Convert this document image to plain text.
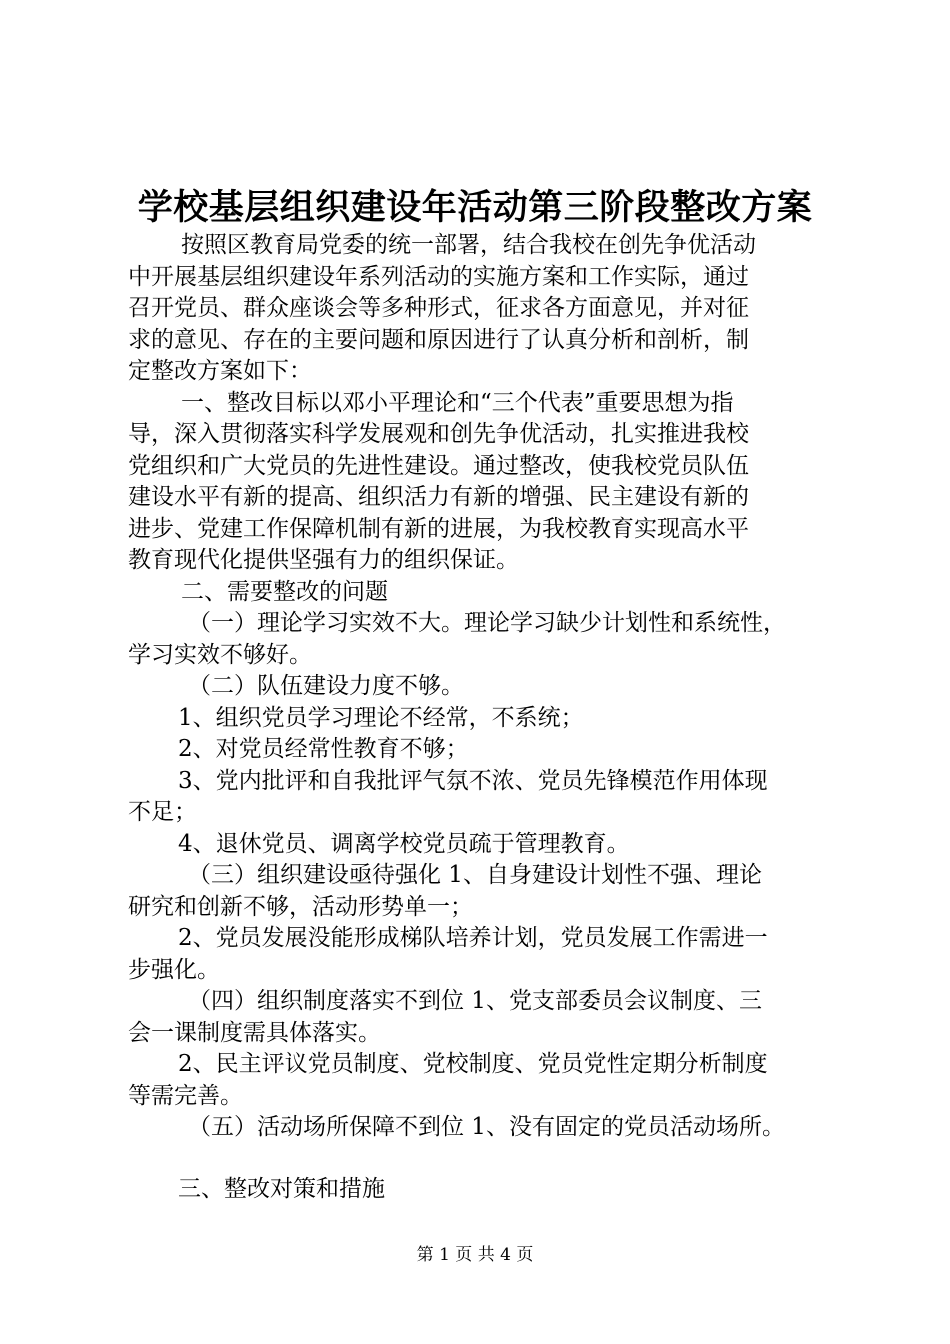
学校基层组织建设年活动第三阶段整改方案
按照区教育局党委的统一部署，结合我校在创先争优活动
中开展基层组织建设年系列活动的实施方案和工作实际，通过
召开党员、群众座谈会等多种形式，征求各方面意见，并对征
求的意见、存在的主要问题和原因进行了认真分析和剖析，制
定整改方案如下：
一、整改目标以邓小平理论和“三个代表”重要思想为指
导，深入贯彻落实科学发展观和创先争优活动，扎实推进我校
党组织和广大党员的先进性建设。通过整改，使我校党员队伍
建设水平有新的提高、组织活力有新的增强、民主建设有新的
进步、党建工作保障机制有新的进展，为我校教育实现高水平
教育现代化提供坚强有力的组织保证。
二、需要整改的问题
（一）理论学习实效不大。理论学习缺少计划性和系统性，
学习实效不够好。
（二）队伍建设力度不够。
1、组织党员学习理论不经常，不系统；
2、对党员经常性教育不够；
3、党内批评和自我批评气氛不浓、党员先锋模范作用体现
不足；
4、退休党员、调离学校党员疏于管理教育。
（三）组织建设亟待强化 1、自身建设计划性不强、理论
研究和创新不够，活动形势单一；
2、党员发展没能形成梯队培养计划，党员发展工作需进一
步强化。
（四）组织制度落实不到位 1、党支部委员会议制度、三
会一课制度需具体落实。
2、民主评议党员制度、党校制度、党员党性定期分析制度
等需完善。
（五）活动场所保障不到位 1、没有固定的党员活动场所。
三、整改对策和措施
第 1 页 共 4 页
